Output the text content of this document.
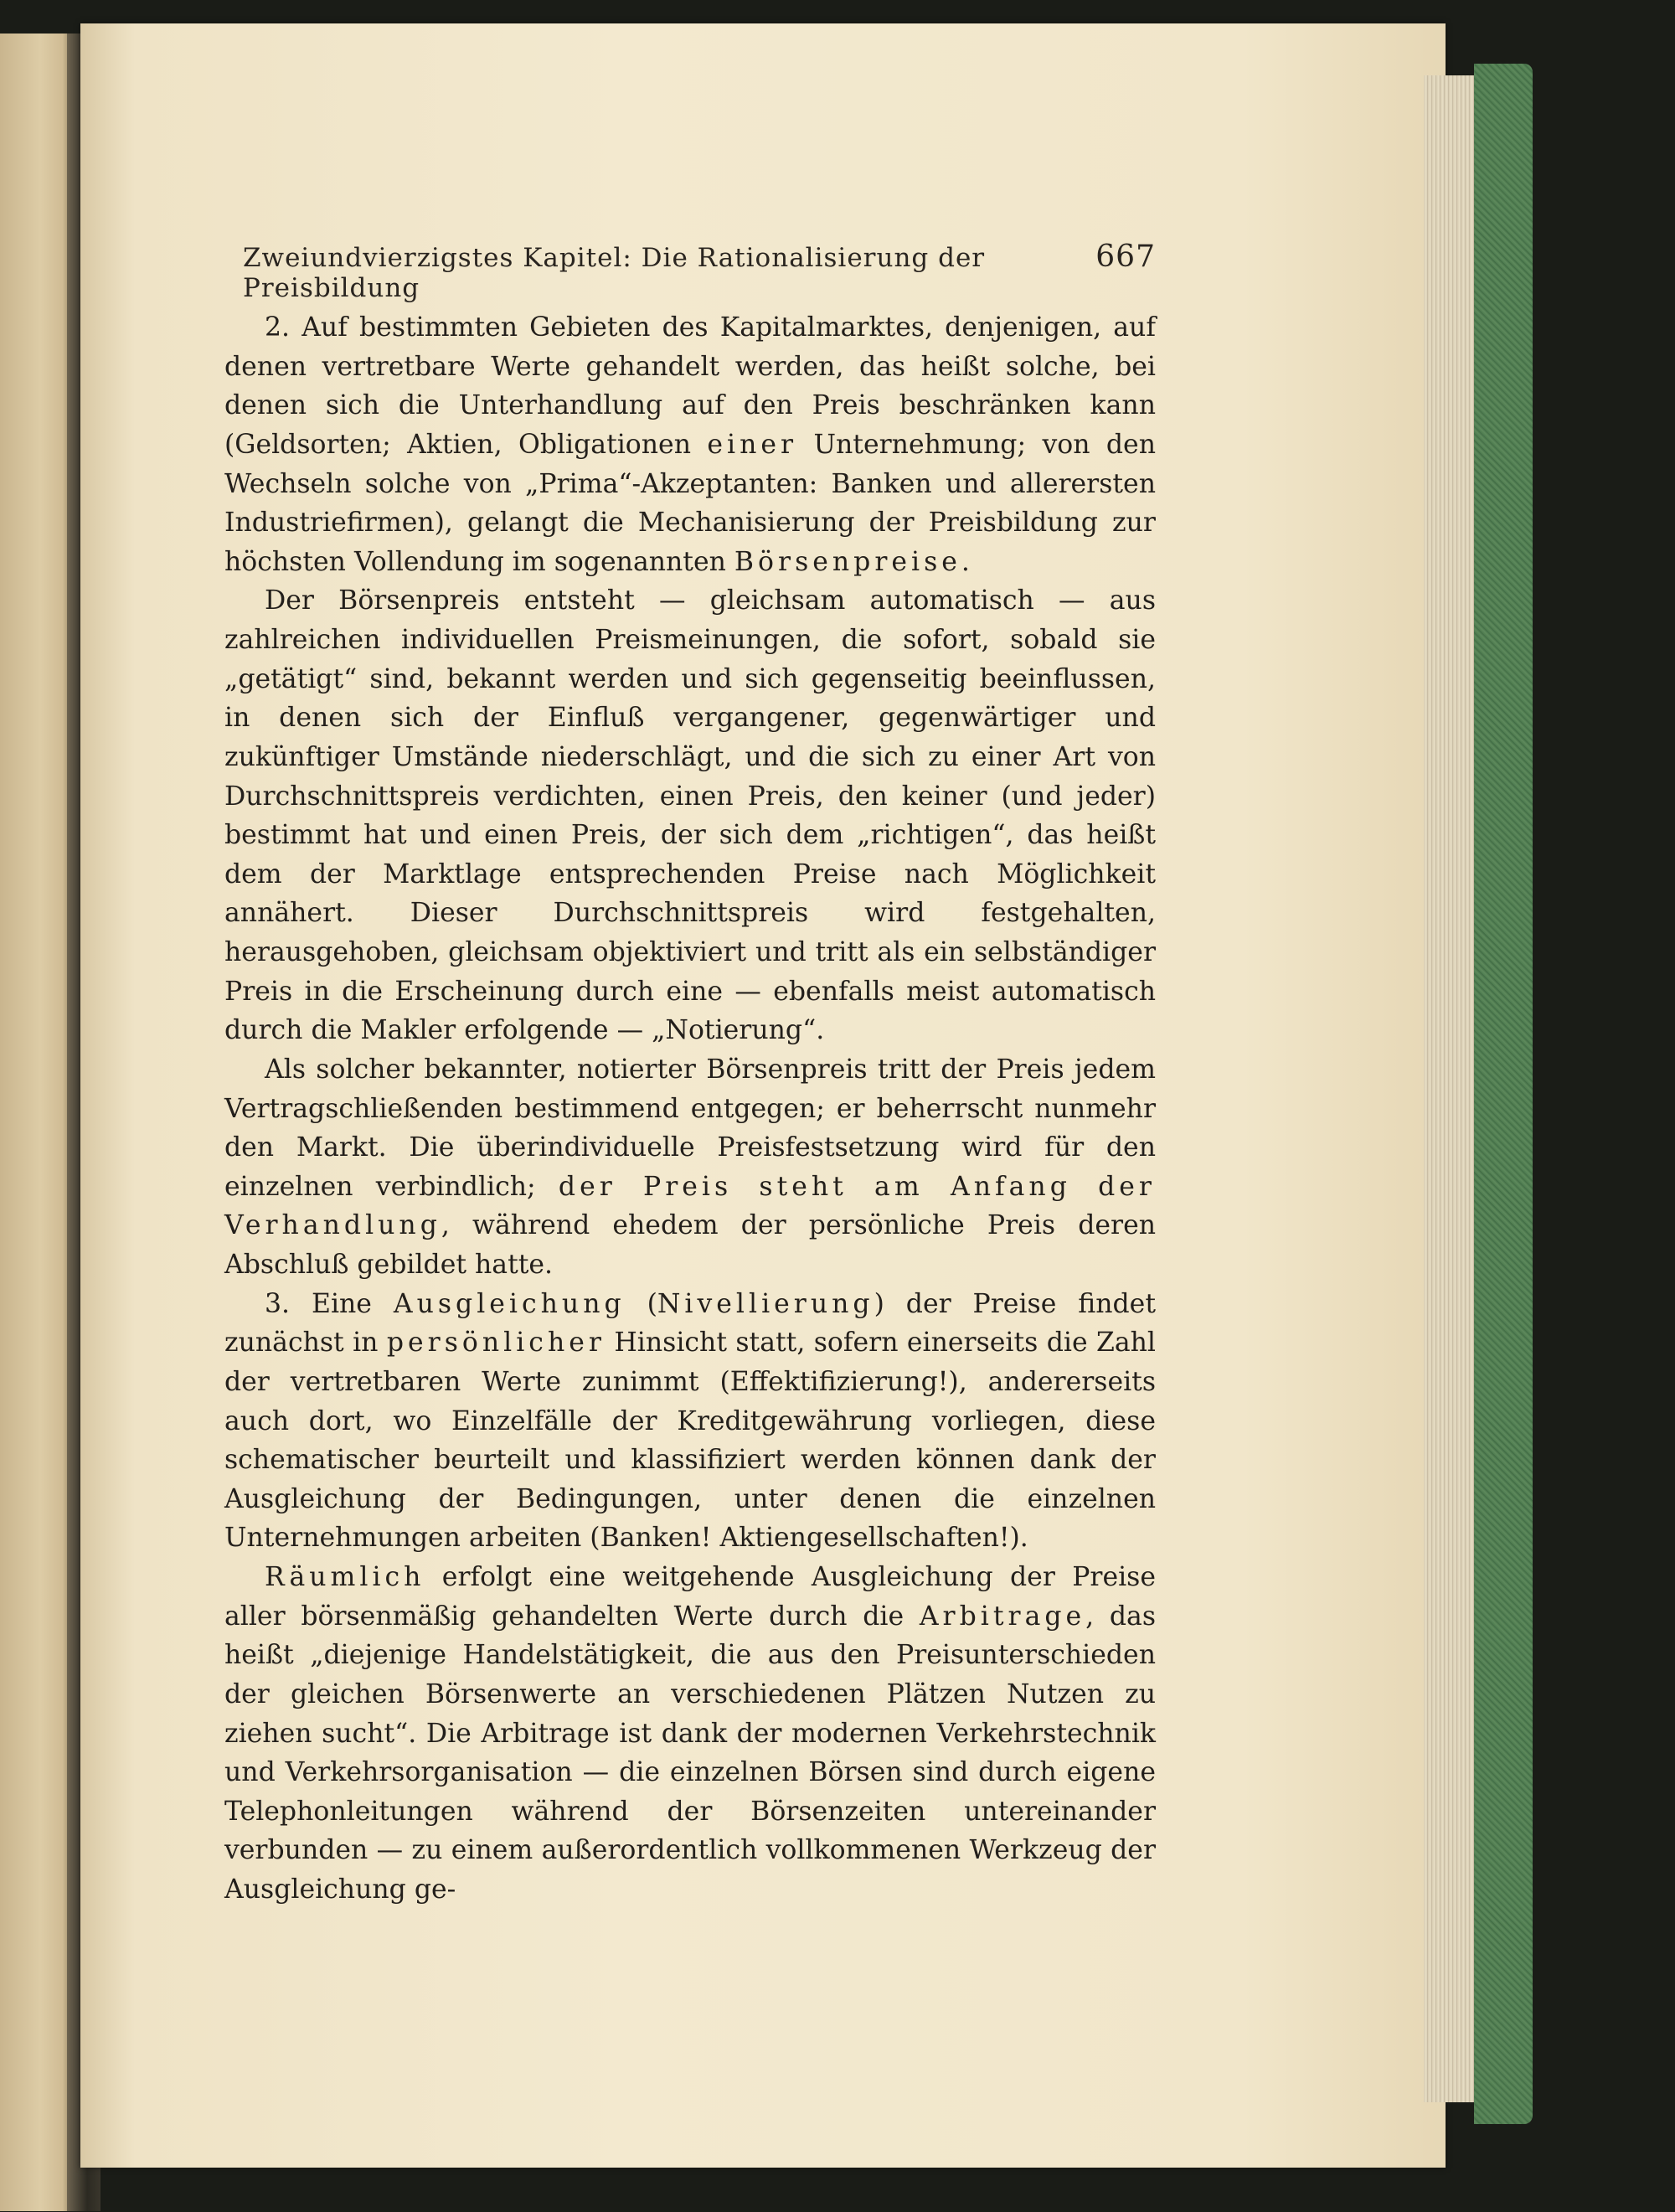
Zweiundvierzigstes Kapitel: Die Rationalisierung der Preisbildung
667

2. Auf bestimmten Gebieten des Kapitalmarktes, denjenigen, auf denen vertretbare Werte gehandelt werden, das heißt solche, bei denen sich die Unterhandlung auf den Preis beschränken kann (Geldsorten; Aktien, Obligationen einer Unternehmung; von den Wechseln solche von „Prima“-Akzeptanten: Banken und allerersten Industriefirmen), gelangt die Mechanisierung der Preisbildung zur höchsten Vollendung im sogenannten Börsenpreise.

Der Börsenpreis entsteht — gleichsam automatisch — aus zahlreichen individuellen Preismeinungen, die sofort, sobald sie „getätigt“ sind, bekannt werden und sich gegenseitig beeinflussen, in denen sich der Einfluß vergangener, gegenwärtiger und zukünftiger Umstände niederschlägt, und die sich zu einer Art von Durchschnittspreis verdichten, einen Preis, den keiner (und jeder) bestimmt hat und einen Preis, der sich dem „richtigen“, das heißt dem der Marktlage entsprechenden Preise nach Möglichkeit annähert. Dieser Durchschnittspreis wird festgehalten, herausgehoben, gleichsam objektiviert und tritt als ein selbständiger Preis in die Erscheinung durch eine — ebenfalls meist automatisch durch die Makler erfolgende — „Notierung“.

Als solcher bekannter, notierter Börsenpreis tritt der Preis jedem Vertragschließenden bestimmend entgegen; er beherrscht nunmehr den Markt. Die überindividuelle Preisfestsetzung wird für den einzelnen verbindlich; der Preis steht am Anfang der Verhandlung, während ehedem der persönliche Preis deren Abschluß gebildet hatte.

3. Eine Ausgleichung (Nivellierung) der Preise findet zunächst in persönlicher Hinsicht statt, sofern einerseits die Zahl der vertretbaren Werte zunimmt (Effektifizierung!), andererseits auch dort, wo Einzelfälle der Kreditgewährung vorliegen, diese schematischer beurteilt und klassifiziert werden können dank der Ausgleichung der Bedingungen, unter denen die einzelnen Unternehmungen arbeiten (Banken! Aktiengesellschaften!).

Räumlich erfolgt eine weitgehende Ausgleichung der Preise aller börsenmäßig gehandelten Werte durch die Arbitrage, das heißt „diejenige Handelstätigkeit, die aus den Preisunterschieden der gleichen Börsenwerte an verschiedenen Plätzen Nutzen zu ziehen sucht“. Die Arbitrage ist dank der modernen Verkehrstechnik und Verkehrsorganisation — die einzelnen Börsen sind durch eigene Telephonleitungen während der Börsenzeiten untereinander verbunden — zu einem außerordentlich vollkommenen Werkzeug der Ausgleichung ge-
